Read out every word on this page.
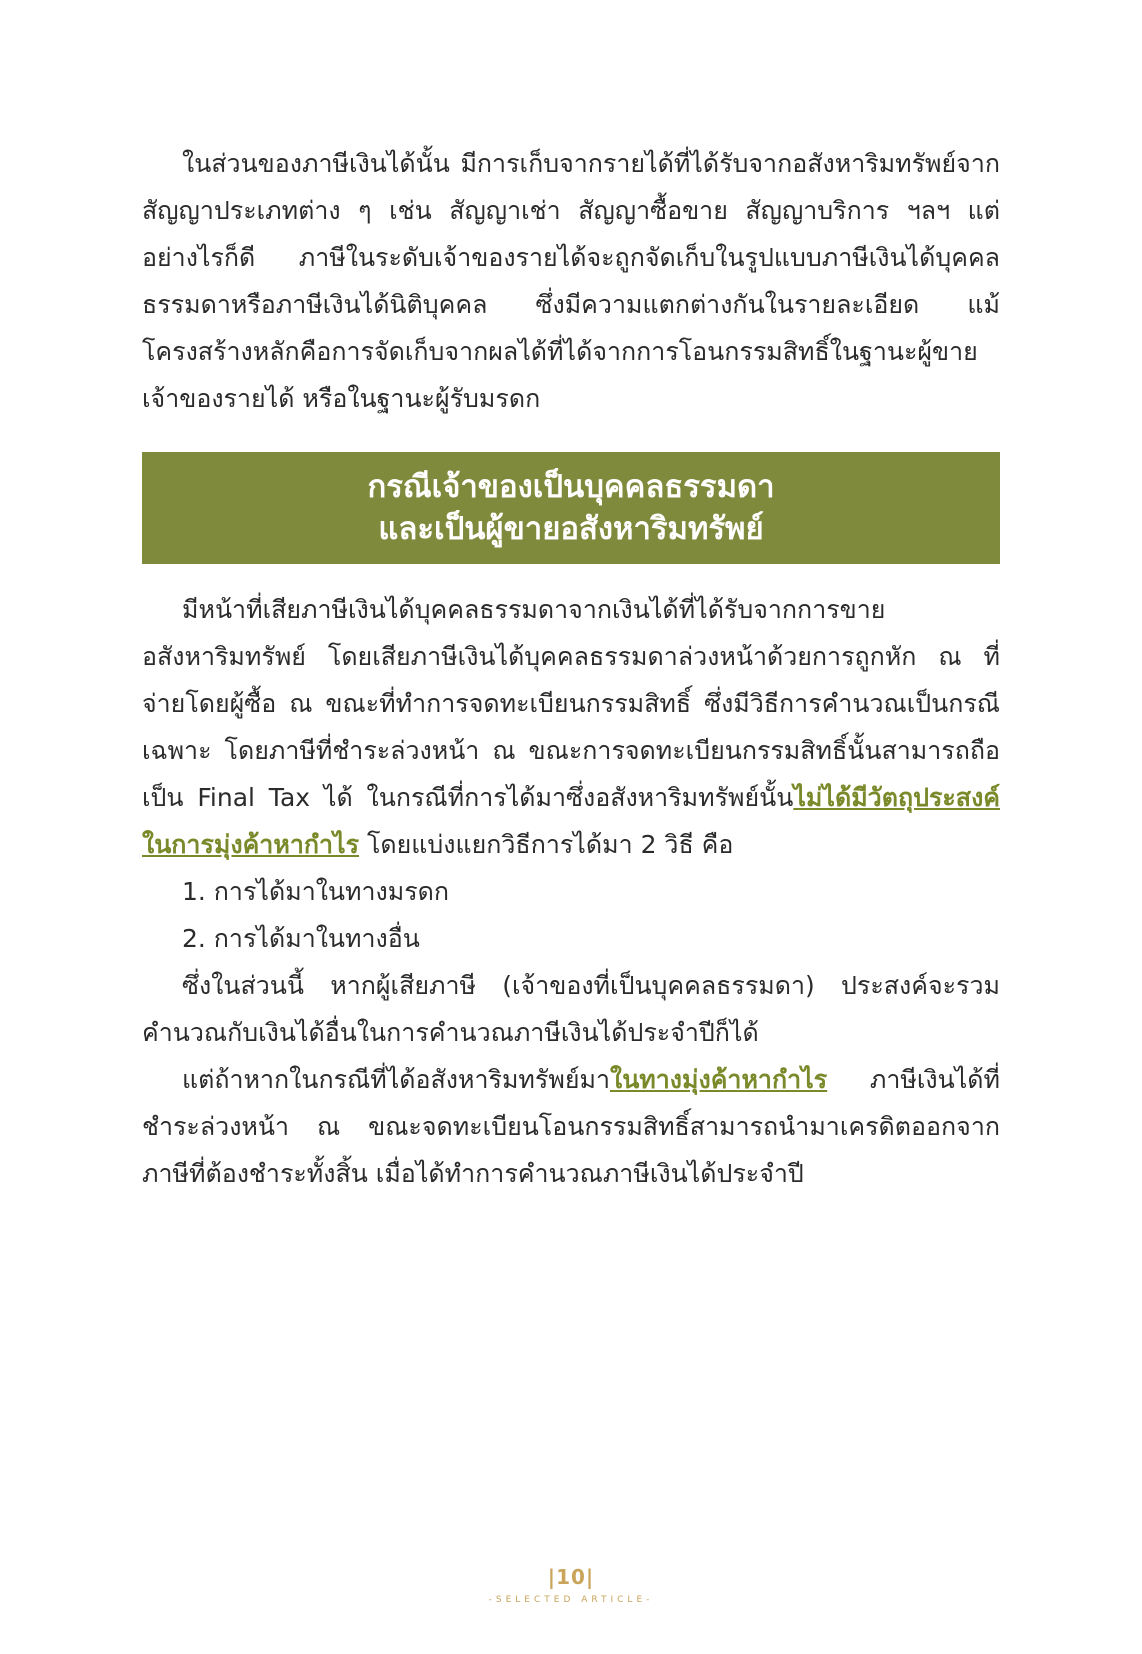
ในส่วนของภาษีเงินได้นั้น มีการเก็บจากรายได้ที่ได้รับจากอสังหาริมทรัพย์จากสัญญาประเภทต่าง ๆ เช่น สัญญาเช่า สัญญาซื้อขาย สัญญาบริการ ฯลฯ แต่อย่างไรก็ดี ภาษีในระดับเจ้าของรายได้จะถูกจัดเก็บในรูปแบบภาษีเงินได้บุคคลธรรมดาหรือภาษีเงินได้นิติบุคคล ซึ่งมีความแตกต่างกันในรายละเอียด แม้โครงสร้างหลักคือการจัดเก็บจากผลได้ที่ได้จากการโอนกรรมสิทธิ์ในฐานะผู้ขายเจ้าของรายได้ หรือในฐานะผู้รับมรดก

กรณีเจ้าของเป็นบุคคลธรรมดา
และเป็นผู้ขายอสังหาริมทรัพย์

มีหน้าที่เสียภาษีเงินได้บุคคลธรรมดาจากเงินได้ที่ได้รับจากการขายอสังหาริมทรัพย์ โดยเสียภาษีเงินได้บุคคลธรรมดาล่วงหน้าด้วยการถูกหัก ณ ที่จ่ายโดยผู้ซื้อ ณ ขณะที่ทำการจดทะเบียนกรรมสิทธิ์ ซึ่งมีวิธีการคำนวณเป็นกรณีเฉพาะ โดยภาษีที่ชำระล่วงหน้า ณ ขณะการจดทะเบียนกรรมสิทธิ์นั้นสามารถถือเป็น Final Tax ได้ ในกรณีที่การได้มาซึ่งอสังหาริมทรัพย์นั้นไม่ได้มีวัตถุประสงค์ในการมุ่งค้าหากำไร โดยแบ่งแยกวิธีการได้มา 2 วิธี คือ

1. การได้มาในทางมรดก

2. การได้มาในทางอื่น

ซึ่งในส่วนนี้ หากผู้เสียภาษี (เจ้าของที่เป็นบุคคลธรรมดา) ประสงค์จะรวมคำนวณกับเงินได้อื่นในการคำนวณภาษีเงินได้ประจำปีก็ได้

แต่ถ้าหากในกรณีที่ได้อสังหาริมทรัพย์มาในทางมุ่งค้าหากำไร ภาษีเงินได้ที่ชำระล่วงหน้า ณ ขณะจดทะเบียนโอนกรรมสิทธิ์สามารถนำมาเครดิตออกจากภาษีที่ต้องชำระทั้งสิ้น เมื่อได้ทำการคำนวณภาษีเงินได้ประจำปี

|10|
-SELECTED ARTICLE-
